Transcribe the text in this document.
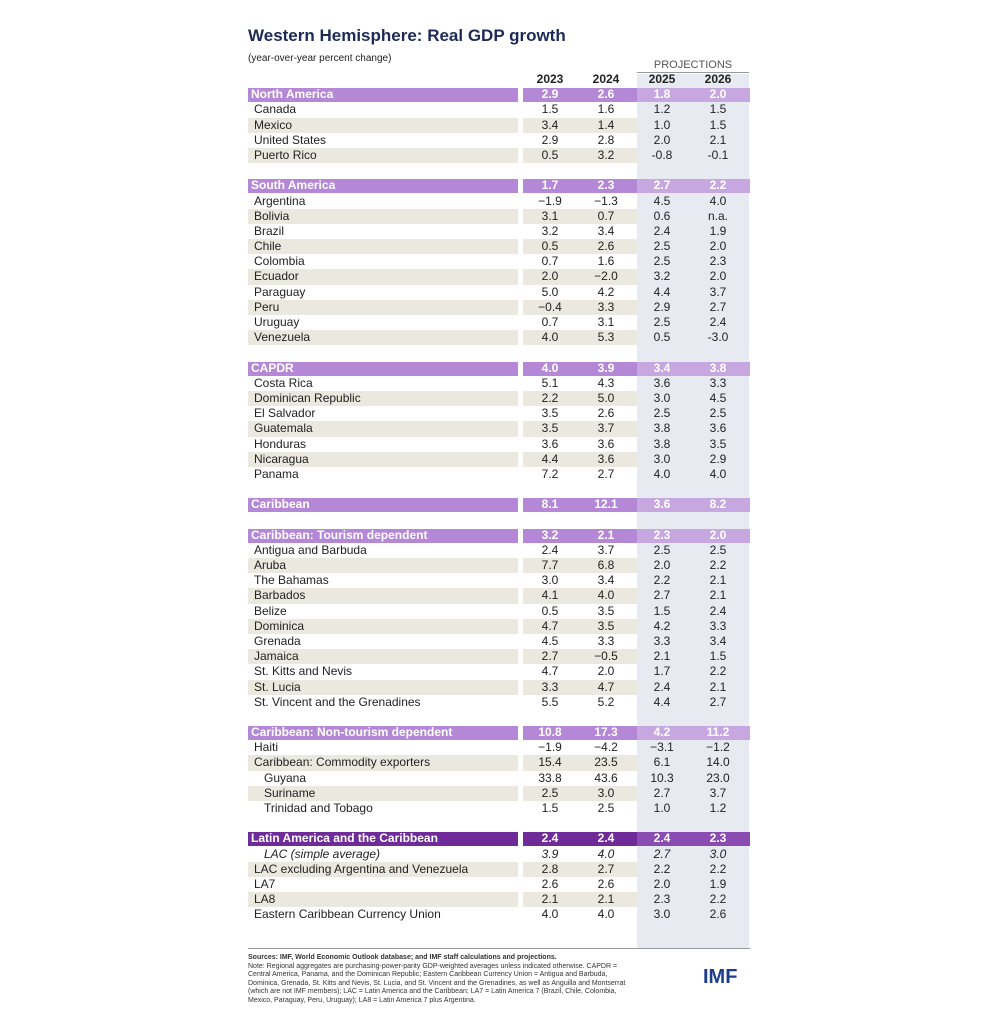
Western Hemisphere: Real GDP growth
(year-over-year percent change)
PROJECTIONS
2023	2024	2025	2026
North America	2.9	2.6	1.8	2.0
Canada	1.5	1.6	1.2	1.5
Mexico	3.4	1.4	1.0	1.5
United States	2.9	2.8	2.0	2.1
Puerto Rico	0.5	3.2	-0.8	-0.1
South America	1.7	2.3	2.7	2.2
Argentina	−1.9	−1.3	4.5	4.0
Bolivia	3.1	0.7	0.6	n.a.
Brazil	3.2	3.4	2.4	1.9
Chile	0.5	2.6	2.5	2.0
Colombia	0.7	1.6	2.5	2.3
Ecuador	2.0	−2.0	3.2	2.0
Paraguay	5.0	4.2	4.4	3.7
Peru	−0.4	3.3	2.9	2.7
Uruguay	0.7	3.1	2.5	2.4
Venezuela	4.0	5.3	0.5	-3.0
CAPDR	4.0	3.9	3.4	3.8
Costa Rica	5.1	4.3	3.6	3.3
Dominican Republic	2.2	5.0	3.0	4.5
El Salvador	3.5	2.6	2.5	2.5
Guatemala	3.5	3.7	3.8	3.6
Honduras	3.6	3.6	3.8	3.5
Nicaragua	4.4	3.6	3.0	2.9
Panama	7.2	2.7	4.0	4.0
Caribbean	8.1	12.1	3.6	8.2
Caribbean: Tourism dependent	3.2	2.1	2.3	2.0
Antigua and Barbuda	2.4	3.7	2.5	2.5
Aruba	7.7	6.8	2.0	2.2
The Bahamas	3.0	3.4	2.2	2.1
Barbados	4.1	4.0	2.7	2.1
Belize	0.5	3.5	1.5	2.4
Dominica	4.7	3.5	4.2	3.3
Grenada	4.5	3.3	3.3	3.4
Jamaica	2.7	−0.5	2.1	1.5
St. Kitts and Nevis	4.7	2.0	1.7	2.2
St. Lucia	3.3	4.7	2.4	2.1
St. Vincent and the Grenadines	5.5	5.2	4.4	2.7
Caribbean: Non-tourism dependent	10.8	17.3	4.2	11.2
Haiti	−1.9	−4.2	−3.1	−1.2
Caribbean: Commodity exporters	15.4	23.5	6.1	14.0
Guyana	33.8	43.6	10.3	23.0
Suriname	2.5	3.0	2.7	3.7
Trinidad and Tobago	1.5	2.5	1.0	1.2
Latin America and the Caribbean	2.4	2.4	2.4	2.3
LAC (simple average)	3.9	4.0	2.7	3.0
LAC excluding Argentina and Venezuela	2.8	2.7	2.2	2.2
LA7	2.6	2.6	2.0	1.9
LA8	2.1	2.1	2.3	2.2
Eastern Caribbean Currency Union	4.0	4.0	3.0	2.6
Sources: IMF, World Economic Outlook database; and IMF staff calculations and projections.
Note: Regional aggregates are purchasing-power-parity GDP-weighted averages unless indicated otherwise. CAPDR = Central America, Panama, and the Dominican Republic; Eastern Caribbean Currency Union = Antigua and Barbuda, Dominica, Grenada, St. Kitts and Nevis, St. Lucia, and St. Vincent and the Grenadines, as well as Anguilla and Montserrat (which are not IMF members); LAC = Latin America and the Caribbean; LA7 = Latin America 7 (Brazil, Chile, Colombia, Mexico, Paraguay, Peru, Uruguay); LA8 = Latin America 7 plus Argentina.
IMF
